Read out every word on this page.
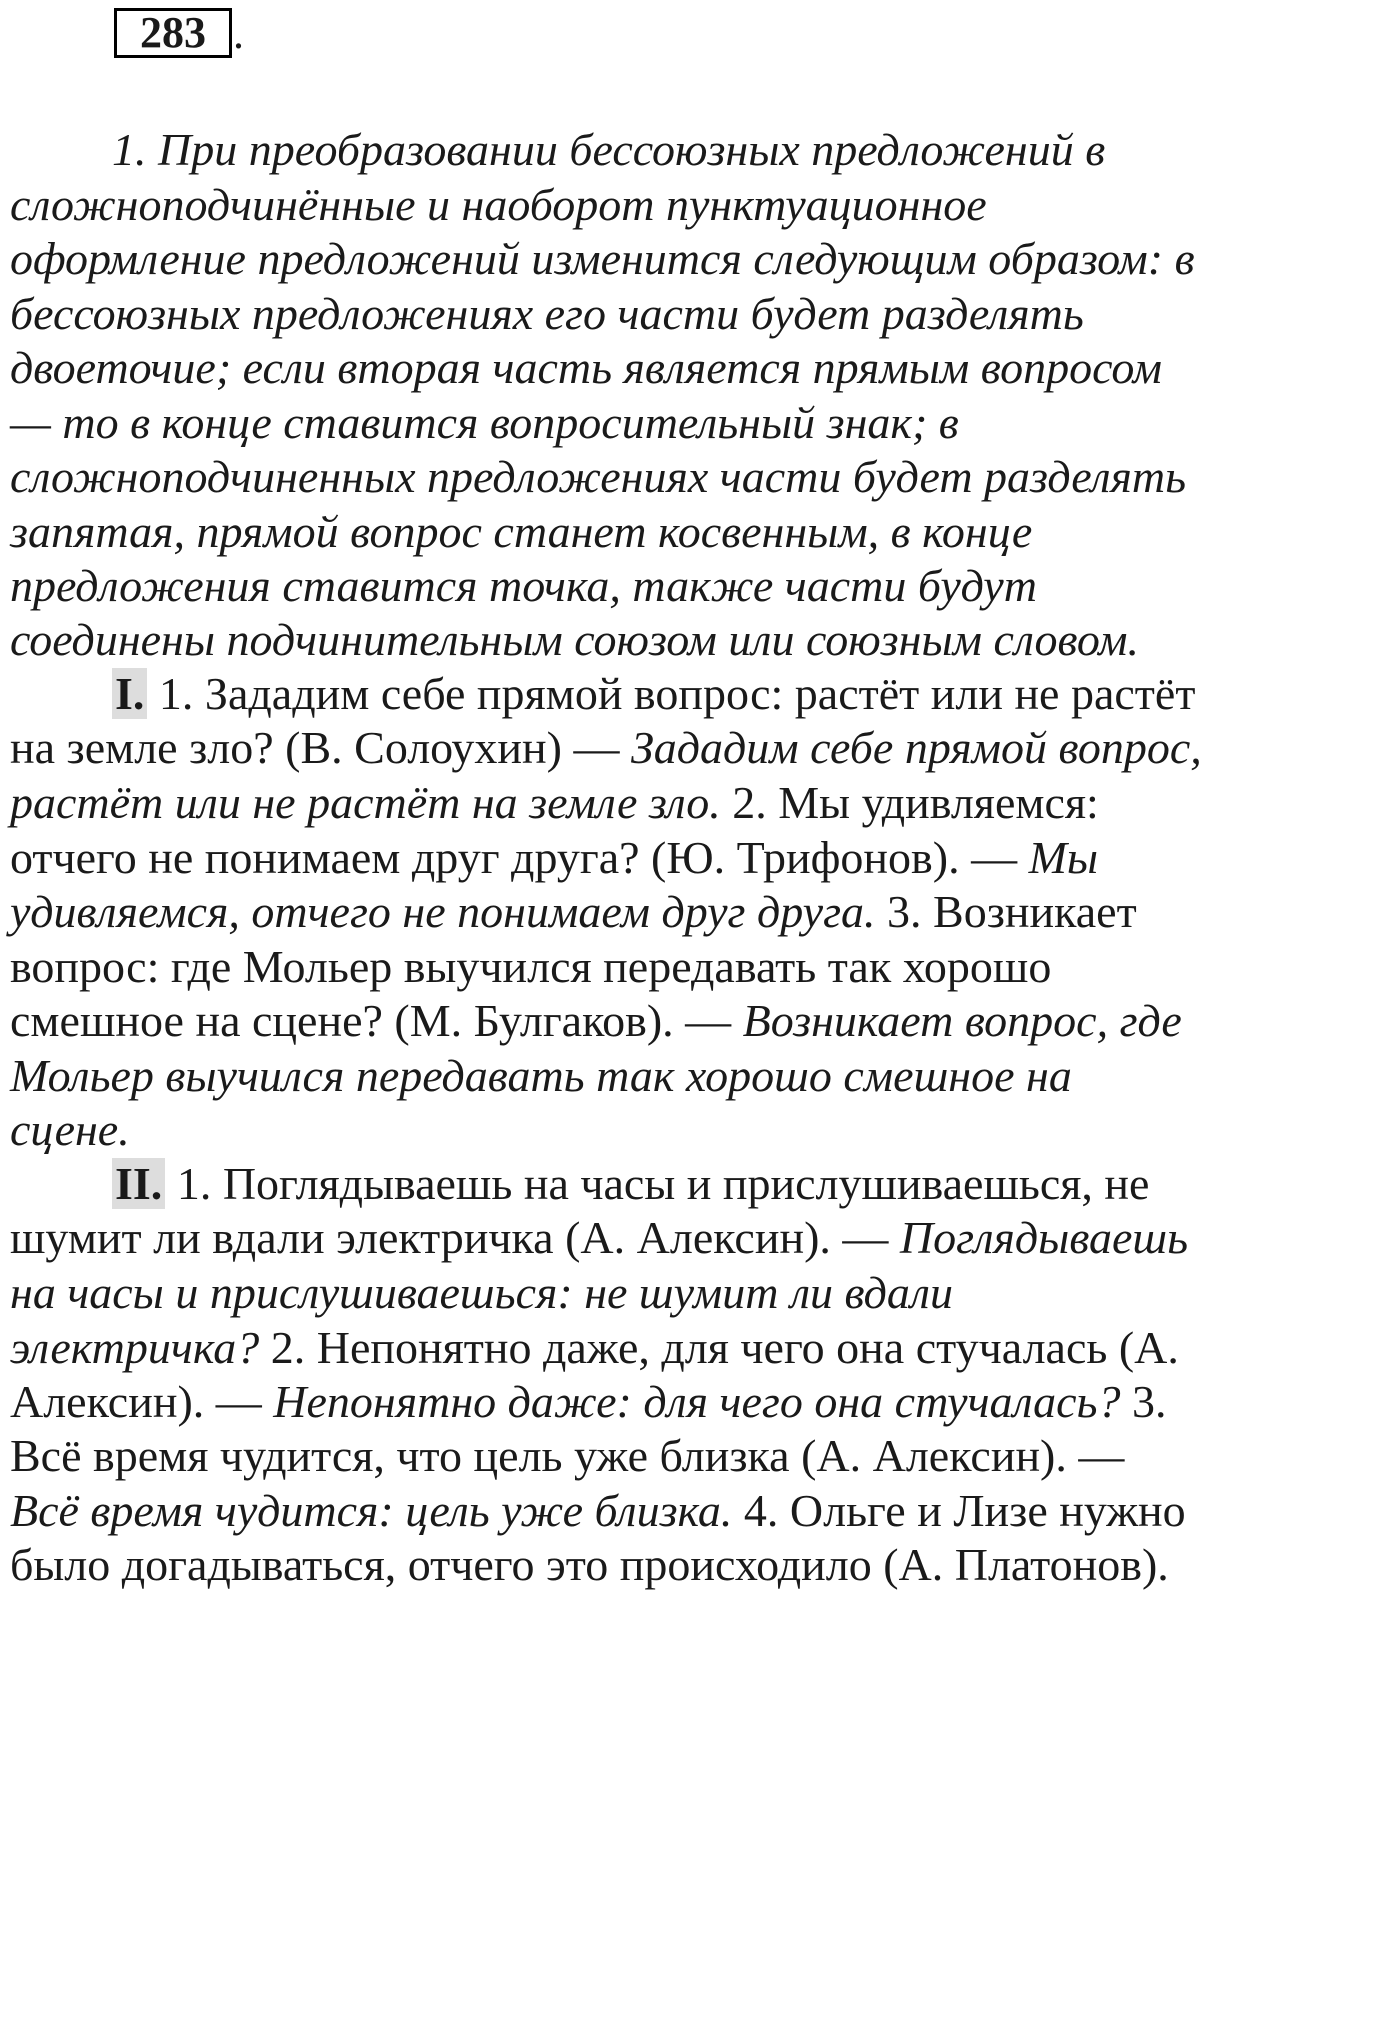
283 .
1. При преобразовании бессоюзных предложений в
сложноподчинённые и наоборот пунктуационное
оформление предложений изменится следующим образом: в
бессоюзных предложениях его части будет разделять
двоеточие; если вторая часть является прямым вопросом
— то в конце ставится вопросительный знак; в
сложноподчиненных предложениях части будет разделять
запятая, прямой вопрос станет косвенным, в конце
предложения ставится точка, также части будут
соединены подчинительным союзом или союзным словом.
I. 1. Зададим себе прямой вопрос: растёт или не растёт
на земле зло? (В. Солоухин) — Зададим себе прямой вопрос,
растёт или не растёт на земле зло. 2. Мы удивляемся:
отчего не понимаем друг друга? (Ю. Трифонов). — Мы
удивляемся, отчего не понимаем друг друга. 3. Возникает
вопрос: где Мольер выучился передавать так хорошо
смешное на сцене? (М. Булгаков). — Возникает вопрос, где
Мольер выучился передавать так хорошо смешное на
сцене.
II. 1. Поглядываешь на часы и прислушиваешься, не
шумит ли вдали электричка (А. Алексин). — Поглядываешь
на часы и прислушиваешься: не шумит ли вдали
электричка? 2. Непонятно даже, для чего она стучалась (А.
Алексин). — Непонятно даже: для чего она стучалась? 3.
Всё время чудится, что цель уже близка (А. Алексин). —
Всё время чудится: цель уже близка. 4. Ольге и Лизе нужно
было догадываться, отчего это происходило (А. Платонов).
